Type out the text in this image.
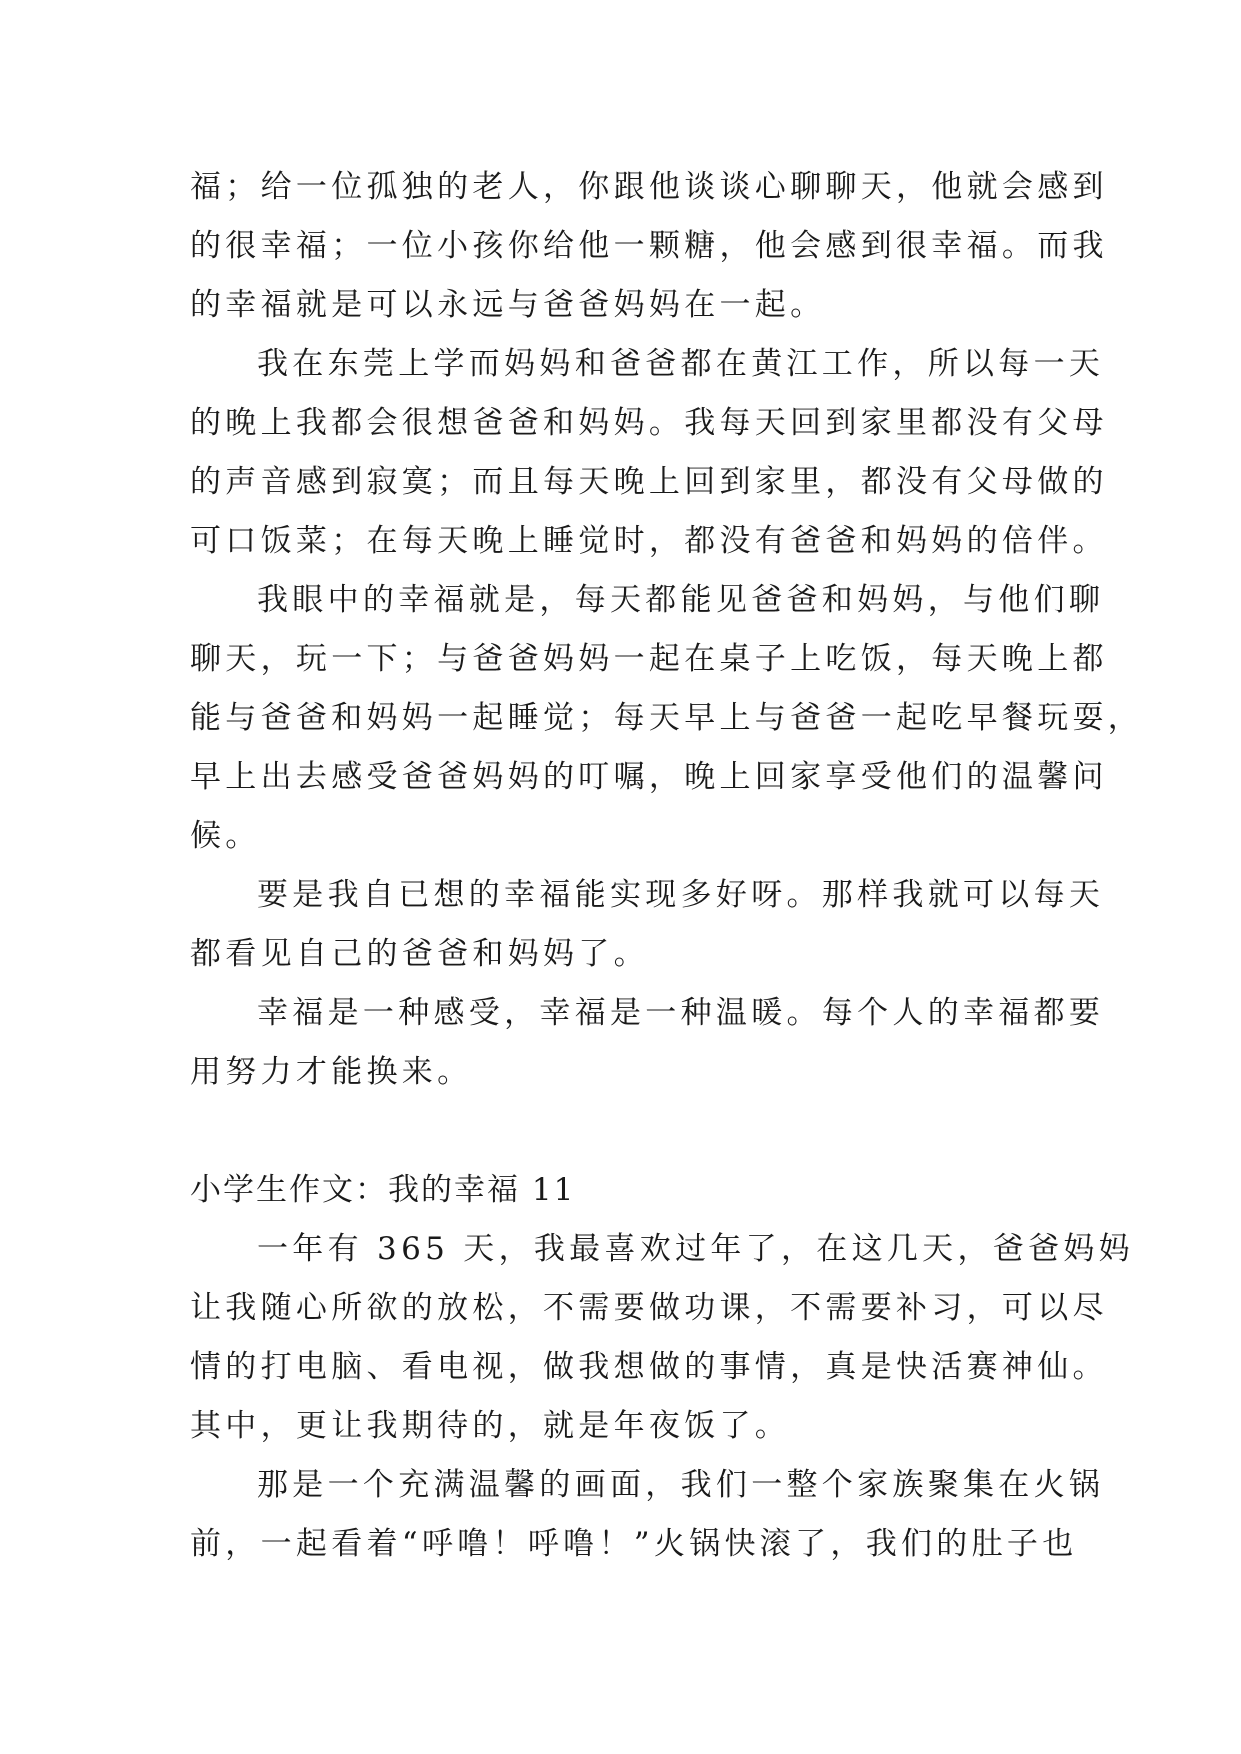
福；给一位孤独的老人，你跟他谈谈心聊聊天，他就会感到
的很幸福；一位小孩你给他一颗糖，他会感到很幸福。而我
的幸福就是可以永远与爸爸妈妈在一起。
我在东莞上学而妈妈和爸爸都在黄江工作，所以每一天
的晚上我都会很想爸爸和妈妈。我每天回到家里都没有父母
的声音感到寂寞；而且每天晚上回到家里，都没有父母做的
可口饭菜；在每天晚上睡觉时，都没有爸爸和妈妈的倍伴。
我眼中的幸福就是，每天都能见爸爸和妈妈，与他们聊
聊天，玩一下；与爸爸妈妈一起在桌子上吃饭，每天晚上都
能与爸爸和妈妈一起睡觉；每天早上与爸爸一起吃早餐玩耍，
早上出去感受爸爸妈妈的叮嘱，晚上回家享受他们的温馨问
候。
要是我自已想的幸福能实现多好呀。那样我就可以每天
都看见自己的爸爸和妈妈了。
幸福是一种感受，幸福是一种温暖。每个人的幸福都要
用努力才能换来。
小学生作文：我的幸福 11
一年有 365 天，我最喜欢过年了，在这几天，爸爸妈妈
让我随心所欲的放松，不需要做功课，不需要补习，可以尽
情的打电脑、看电视，做我想做的事情，真是快活赛神仙。
其中，更让我期待的，就是年夜饭了。
那是一个充满温馨的画面，我们一整个家族聚集在火锅
前，一起看着“呼噜！呼噜！”火锅快滚了，我们的肚子也
